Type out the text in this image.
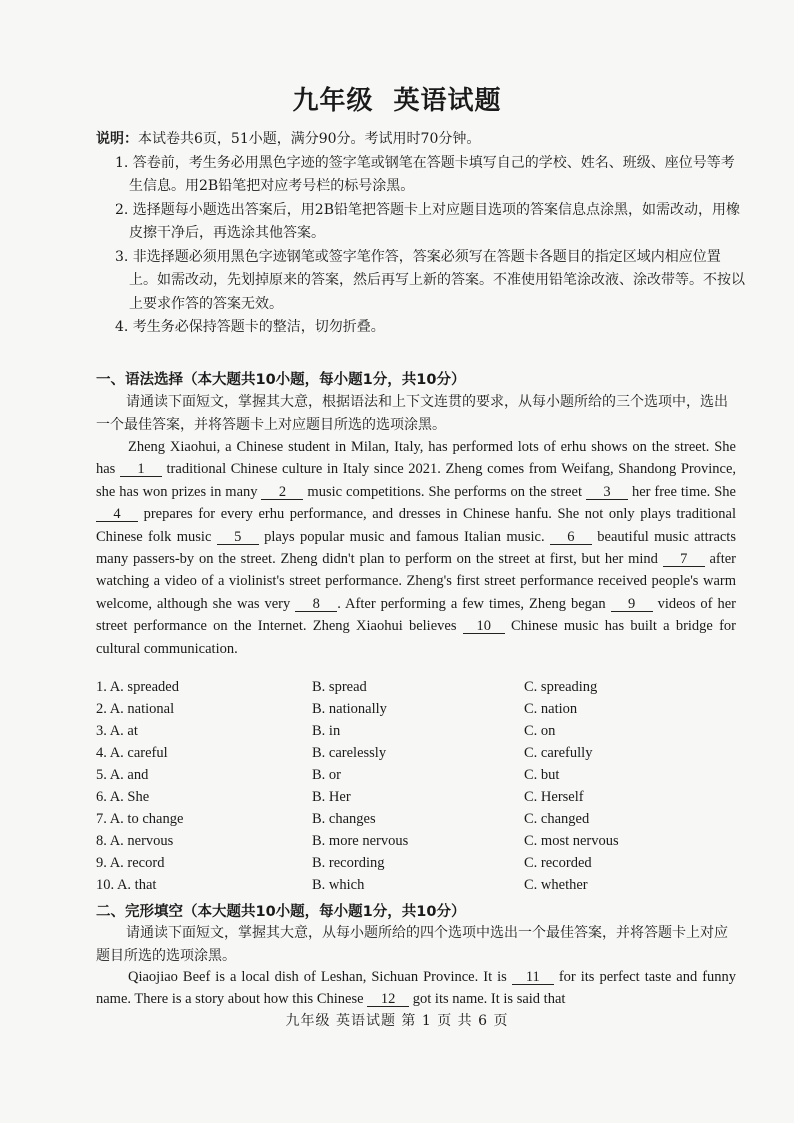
九年级 英语试题

说明：本试卷共6页，51小题，满分90分。考试用时70分钟。

1. 答卷前，考生务必用黑色字迹的签字笔或钢笔在答题卡填写自己的学校、姓名、班级、座位号等考生信息。用2B铅笔把对应考号栏的标号涂黑。

2. 选择题每小题选出答案后，用2B铅笔把答题卡上对应题目选项的答案信息点涂黑，如需改动，用橡皮擦干净后，再选涂其他答案。

3. 非选择题必须用黑色字迹钢笔或签字笔作答，答案必须写在答题卡各题目的指定区域内相应位置上。如需改动，先划掉原来的答案，然后再写上新的答案。不准使用铅笔涂改液、涂改带等。不按以上要求作答的答案无效。

4. 考生务必保持答题卡的整洁，切勿折叠。

一、语法选择（本大题共10小题，每小题1分，共10分）

请通读下面短文，掌握其大意，根据语法和上下文连贯的要求，从每小题所给的三个选项中，选出一个最佳答案，并将答题卡上对应题目所选的选项涂黑。

Zheng Xiaohui, a Chinese student in Milan, Italy, has performed lots of erhu shows on the street. She has 1 traditional Chinese culture in Italy since 2021. Zheng comes from Weifang, Shandong Province, she has won prizes in many 2 music competitions. She performs on the street 3 her free time. She 4 prepares for every erhu performance, and dresses in Chinese hanfu. She not only plays traditional Chinese folk music 5 plays popular music and famous Italian music. 6 beautiful music attracts many passers-by on the street. Zheng didn't plan to perform on the street at first, but her mind 7 after watching a video of a violinist's street performance. Zheng's first street performance received people's warm welcome, although she was very 8 . After performing a few times, Zheng began 9 videos of her street performance on the Internet. Zheng Xiaohui believes 10 Chinese music has built a bridge for cultural communication.

1. A. spreaded	B. spread	C. spreading
2. A. national	B. nationally	C. nation
3. A. at	B. in	C. on
4. A. careful	B. carelessly	C. carefully
5. A. and	B. or	C. but
6. A. She	B. Her	C. Herself
7. A. to change	B. changes	C. changed
8. A. nervous	B. more nervous	C. most nervous
9. A. record	B. recording	C. recorded
10. A. that	B. which	C. whether
二、完形填空（本大题共10小题，每小题1分，共10分）

请通读下面短文，掌握其大意，从每小题所给的四个选项中选出一个最佳答案，并将答题卡上对应题目所选的选项涂黑。

Qiaojiao Beef is a local dish of Leshan, Sichuan Province. It is 11 for its perfect taste and funny name. There is a story about how this Chinese 12 got its name. It is said that

九年级 英语试题 第 1 页 共 6 页
